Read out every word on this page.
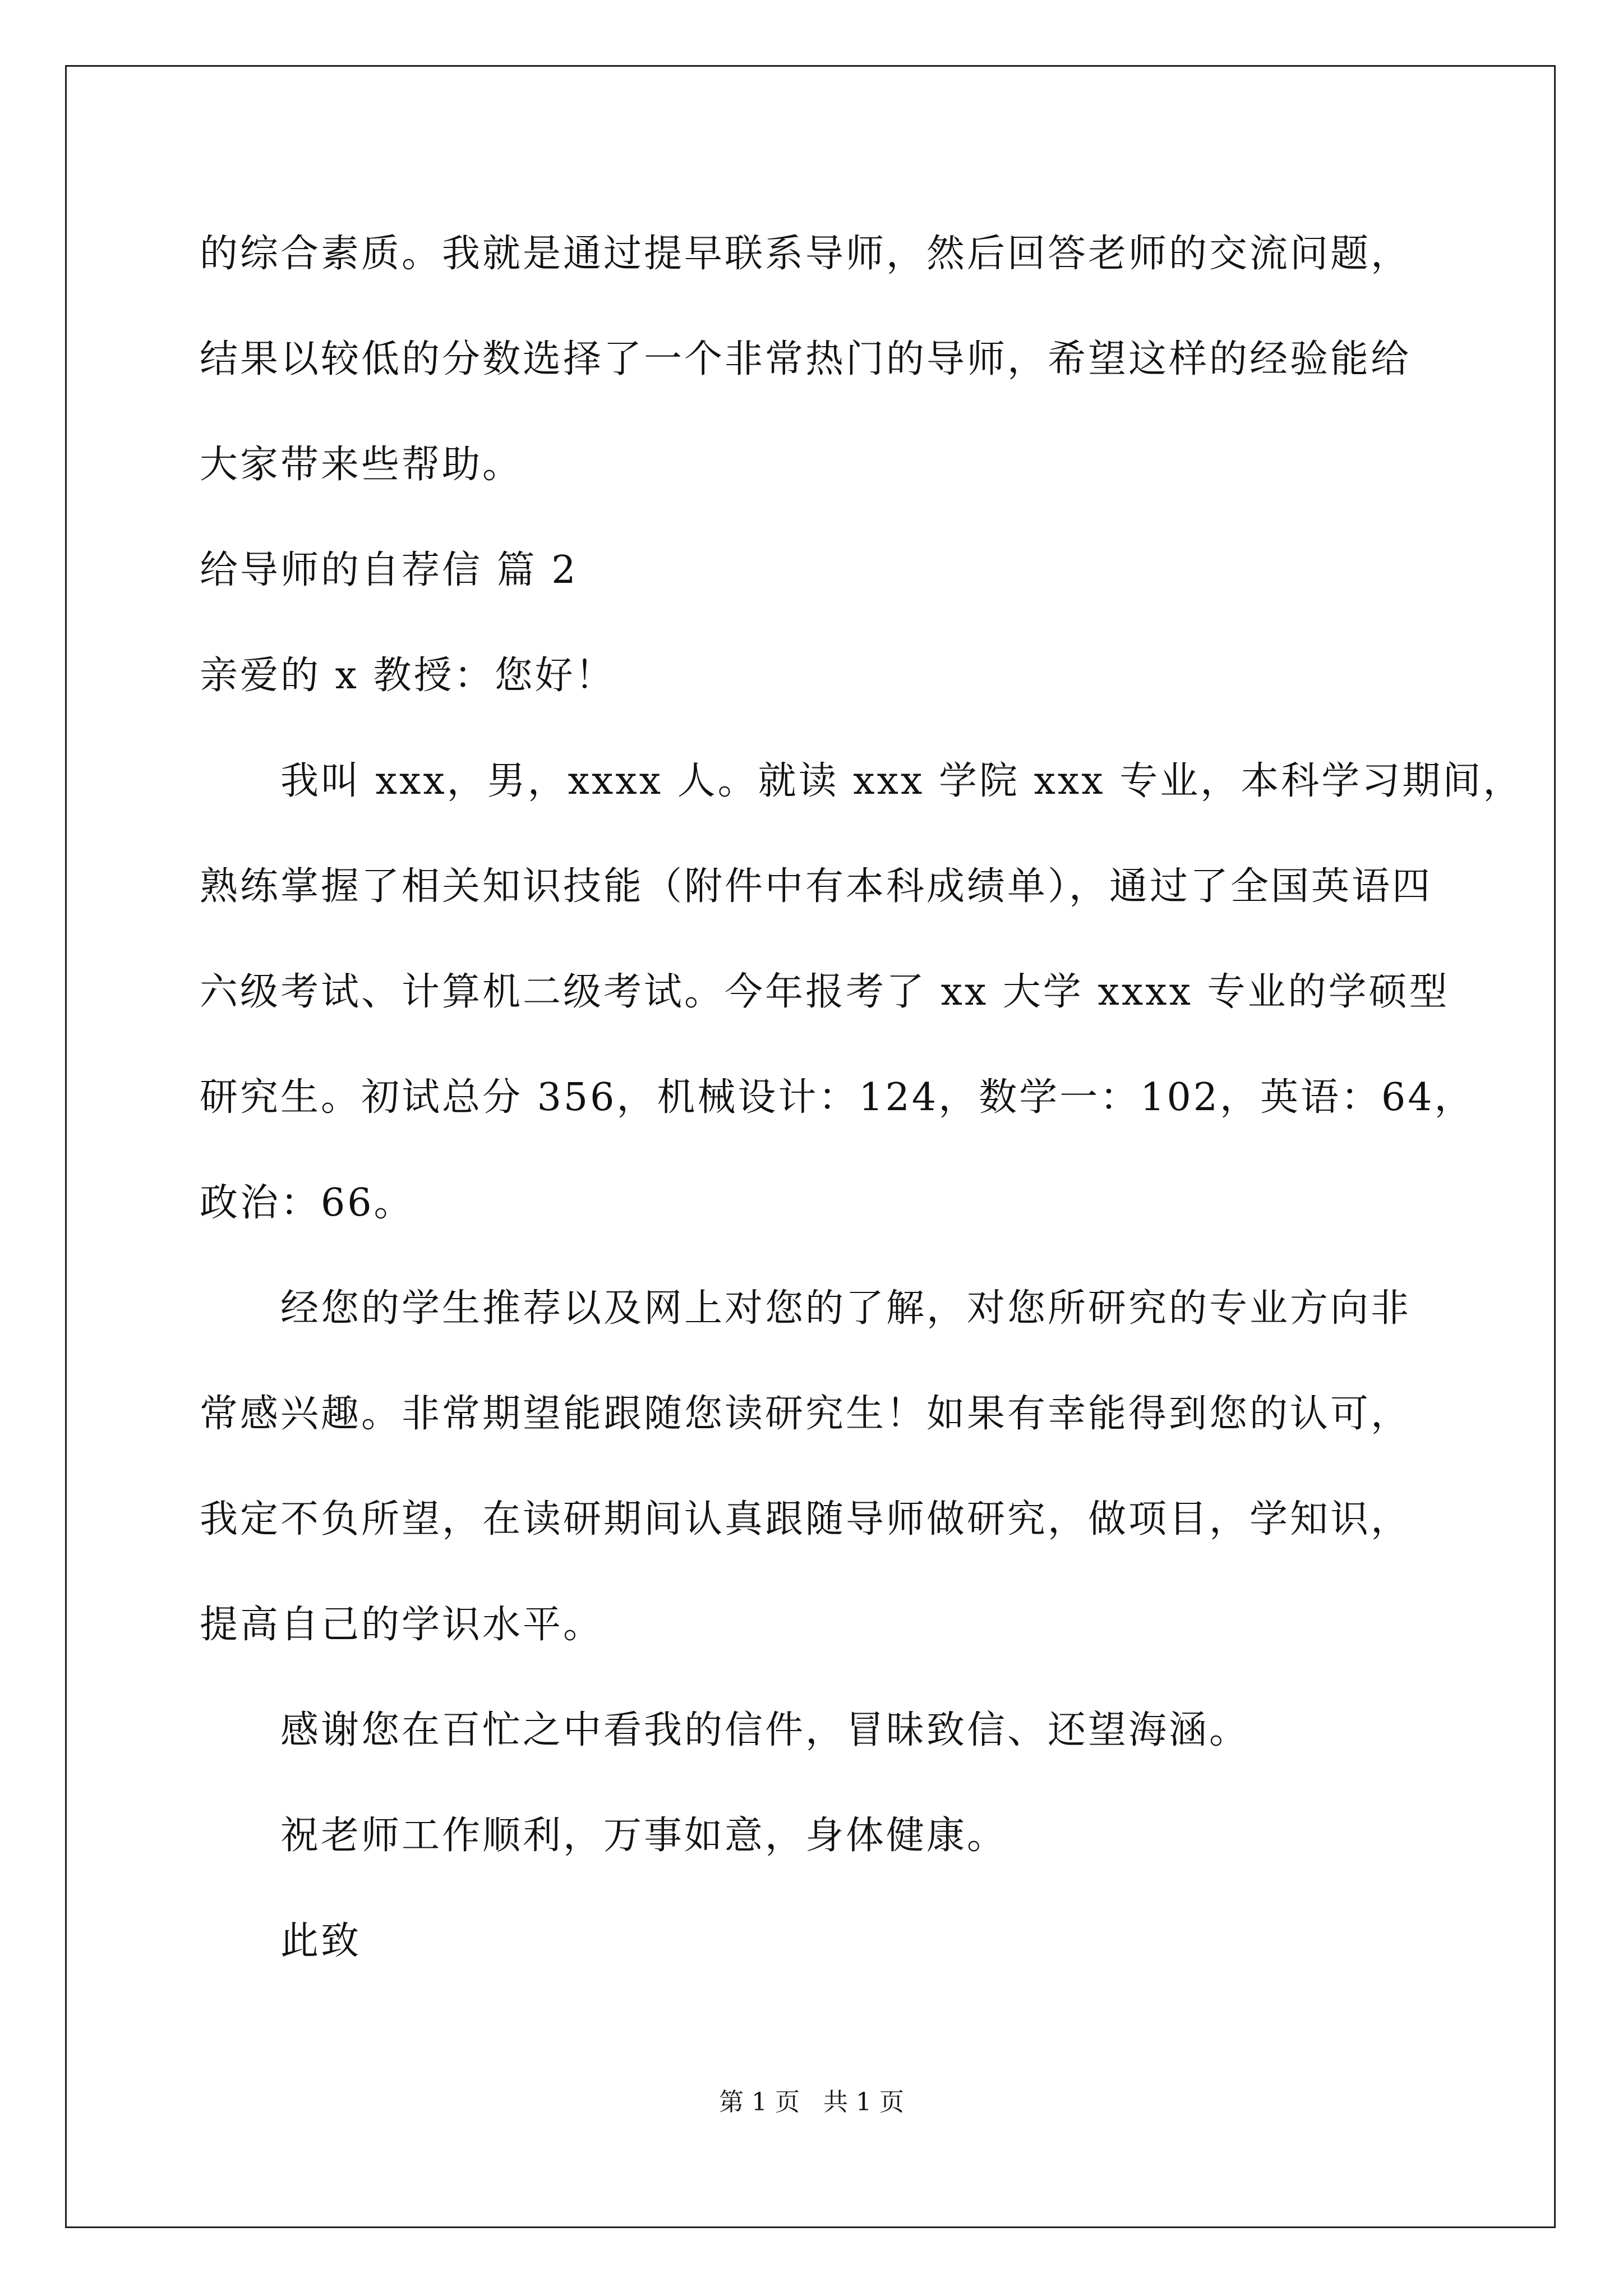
的综合素质。我就是通过提早联系导师，然后回答老师的交流问题，
结果以较低的分数选择了一个非常热门的导师，希望这样的经验能给
大家带来些帮助。
给导师的自荐信 篇 2
亲爱的 x 教授：您好！
我叫 xxx，男，xxxx 人。就读 xxx 学院 xxx 专业，本科学习期间，
熟练掌握了相关知识技能（附件中有本科成绩单），通过了全国英语四
六级考试、计算机二级考试。今年报考了 xx 大学 xxxx 专业的学硕型
研究生。初试总分 356，机械设计：124，数学一：102，英语：64，
政治：66。
经您的学生推荐以及网上对您的了解，对您所研究的专业方向非
常感兴趣。非常期望能跟随您读研究生！如果有幸能得到您的认可，
我定不负所望，在读研期间认真跟随导师做研究，做项目，学知识，
提高自己的学识水平。
感谢您在百忙之中看我的信件，冒昧致信、还望海涵。
祝老师工作顺利，万事如意，身体健康。
此致
第 1 页   共 1 页
